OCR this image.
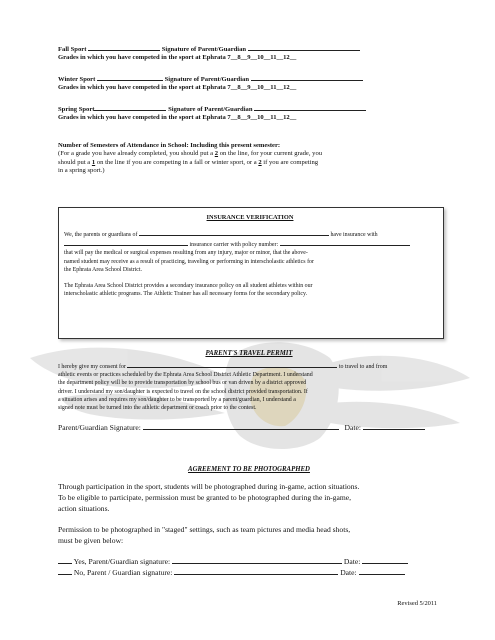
Fall Sport	Signature of Parent/Guardian
Grades in which you have competed in the sport at Ephrata 7__8__9__10__11__12__
Winter Sport	Signature of Parent/Guardian
Grades in which you have competed in the sport at Ephrata 7__8__9__10__11__12__
Spring Sport	Signature of Parent/Guardian
Grades in which you have competed in the sport at Ephrata 7__8__9__10__11__12__
Number of Semesters of Attendance in School: Including this present semester:
(For a grade you have already completed, you should put a 2 on the line, for your current grade, you
should put a 1 on the line if you are competing in a fall or winter sport, or a 2 if you are competing
in a spring sport.)
INSURANCE VERIFICATION
We, the parents or guardians of	have insurance with
insurance carrier with policy number:
that will pay the medical or surgical expenses resulting from any injury, major or minor, that the above-
named student may receive as a result of practicing, traveling or performing in interscholastic athletics for
the Ephrata Area School District.
The Ephrata Area School District provides a secondary insurance policy on all student athletes within our
interscholastic athletic programs. The Athletic Trainer has all necessary forms for the secondary policy.
PARENT'S TRAVEL PERMIT
I hereby give my consent for	to travel to and from
athletic events or practices scheduled by the Ephrata Area School District Athletic Department. I understand
the department policy will be to provide transportation by school bus or van driven by a district approved
driver. I understand my son/daughter is expected to travel on the school district provided transportation. If
a situation arises and requires my son/daughter to be transported by a parent/guardian, I understand a
signed note must be turned into the athletic department or coach prior to the contest.
Parent/Guardian Signature:	Date:
AGREEMENT TO BE PHOTOGRAPHED
Through participation in the sport, students will be photographed during in-game, action situations.
To be eligible to participate, permission must be granted to be photographed during the in-game,
action situations.
Permission to be photographed in "staged" settings, such as team pictures and media head shots,
must be given below:
Yes, Parent/Guardian signature:	Date:
No, Parent / Guardian signature:	Date:
Revised 5/2011
